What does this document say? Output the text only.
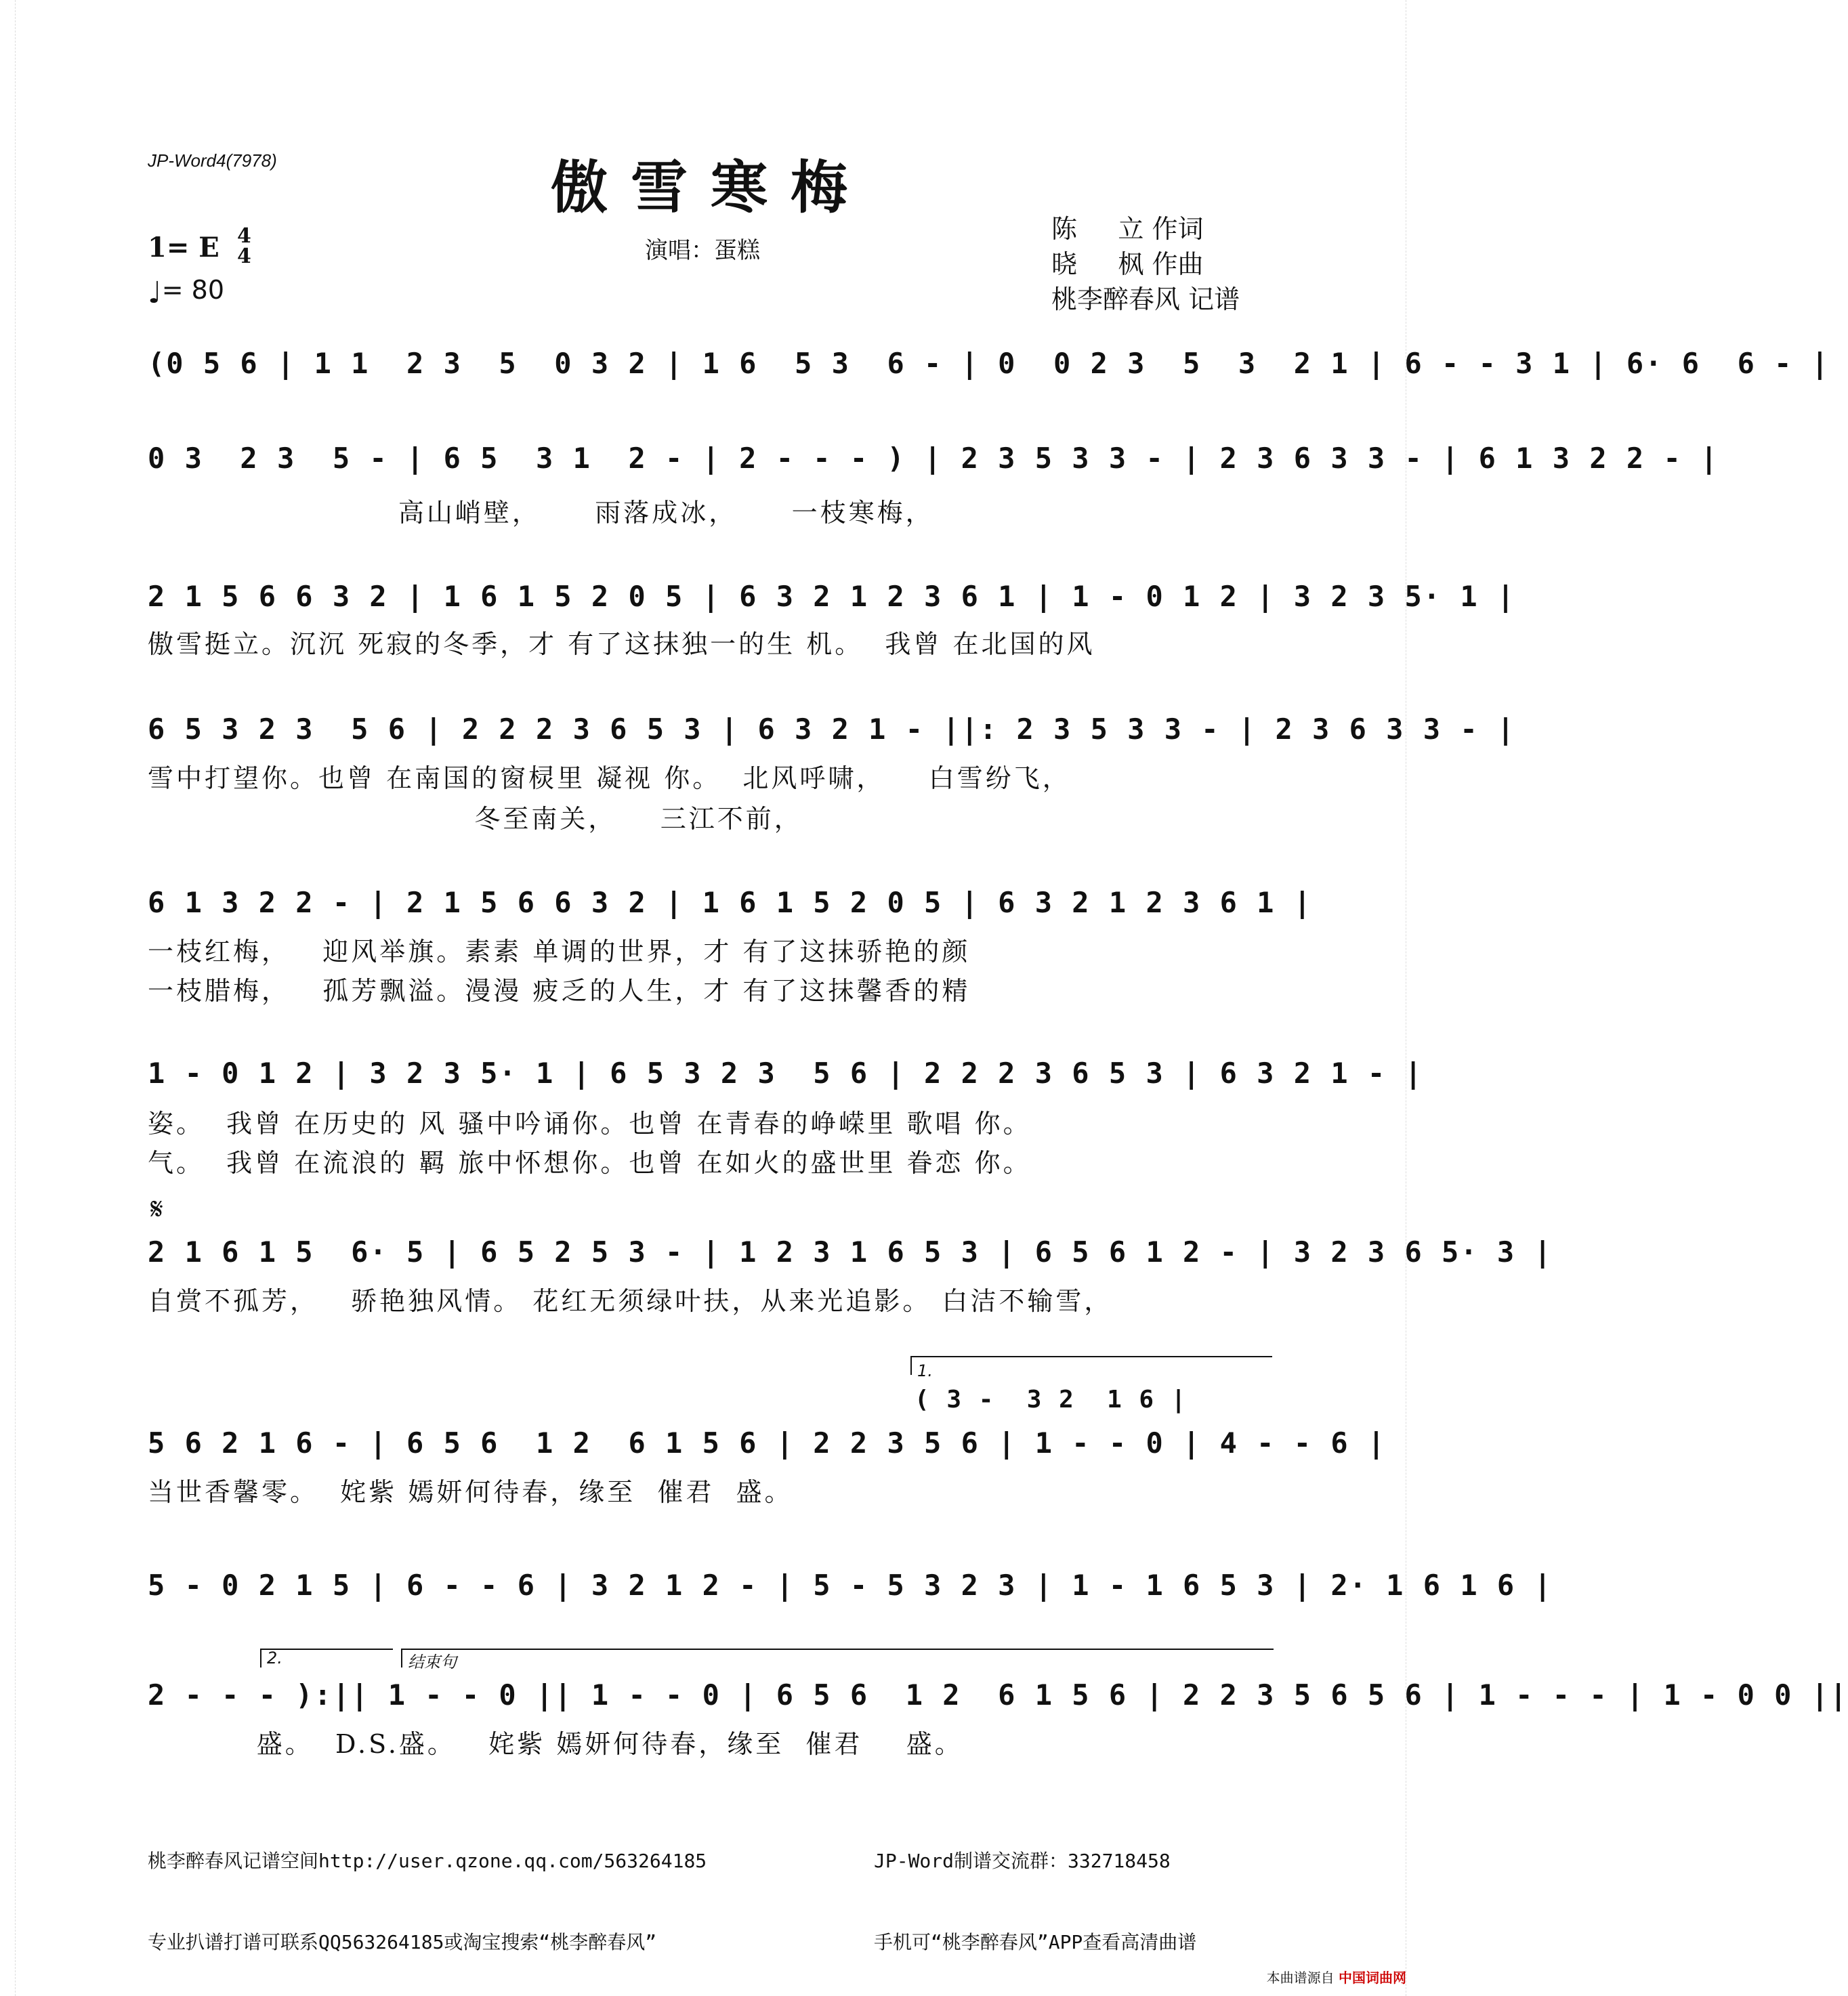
JP-Word4(7978)	傲雪寒梅
演唱：蛋糕
陈     立 作词
晓     枫 作曲
桃李醉春风 记谱
1= E 4
4
♩= 80
(0 5 6 | 1 1  2 3  5  0 3 2 | 1 6  5 3  6 - | 0  0 2 3  5  3  2 1 | 6 - - 3 1 | 6· 6  6 - |
0 3  2 3  5 - | 6 5  3 1  2 - | 2 - - - ) | 2 3 5 3 3 - | 2 3 6 3 3 - | 6 1 3 2 2 - |
高山峭壁，     雨落成冰，     一枝寒梅，
2 1 5 6 6 3 2 | 1 6 1 5 2 0 5 | 6 3 2 1 2 3 6 1 | 1 - 0 1 2 | 3 2 3 5· 1 |
傲雪挺立。沉沉 死寂的冬季，才 有了这抹独一的生 机。  我曾 在北国的风
6 5 3 2 3  5 6 | 2 2 2 3 6 5 3 | 6 3 2 1 - ||: 2 3 5 3 3 - | 2 3 6 3 3 - |
雪中打望你。也曾 在南国的窗棂里 凝视 你。  北风呼啸，    白雪纷飞，
冬至南关，    三江不前，
6 1 3 2 2 - | 2 1 5 6 6 3 2 | 1 6 1 5 2 0 5 | 6 3 2 1 2 3 6 1 |
一枝红梅，   迎风举旗。素素 单调的世界，才 有了这抹骄艳的颜
一枝腊梅，   孤芳飘溢。漫漫 疲乏的人生，才 有了这抹馨香的精
1 - 0 1 2 | 3 2 3 5· 1 | 6 5 3 2 3  5 6 | 2 2 2 3 6 5 3 | 6 3 2 1 - |
姿。  我曾 在历史的 风 骚中吟诵你。也曾 在青春的峥嵘里 歌唱 你。
气。  我曾 在流浪的 羁 旅中怀想你。也曾 在如火的盛世里 眷恋 你。
𝄋
2 1 6 1 5  6· 5 | 6 5 2 5 3 - | 1 2 3 1 6 5 3 | 6 5 6 1 2 - | 3 2 3 6 5· 3 |
自赏不孤芳，   骄艳独风情。 花红无须绿叶扶，从来光追影。 白洁不输雪，
1.
( 3 -  3 2  1 6 |
5 6 2 1 6 - | 6 5 6  1 2  6 1 5 6 | 2 2 3 5 6 | 1 - - 0 | 4 - - 6 |
当世香馨零。  姹紫 嫣妍何待春，缘至  催君  盛。
5 - 0 2 1 5 | 6 - - 6 | 3 2 1 2 - | 5 - 5 3 2 3 | 1 - 1 6 5 3 | 2· 1 6 1 6 |
2.	结束句
2 - - - ):|| 1 - - 0 || 1 - - 0 | 6 5 6  1 2  6 1 5 6 | 2 2 3 5 6 5 6 | 1 - - - | 1 - 0 0 ||
盛。  D.S.盛。   姹紫 嫣妍何待春，缘至  催君    盛。

桃李醉春风记谱空间http://user.qzone.qq.com/563264185

专业扒谱打谱可联系QQ563264185或淘宝搜索“桃李醉春风”

JP-Word制谱交流群：332718458

手机可“桃李醉春风”APP查看高清曲谱

本曲谱源自 中国词曲网
